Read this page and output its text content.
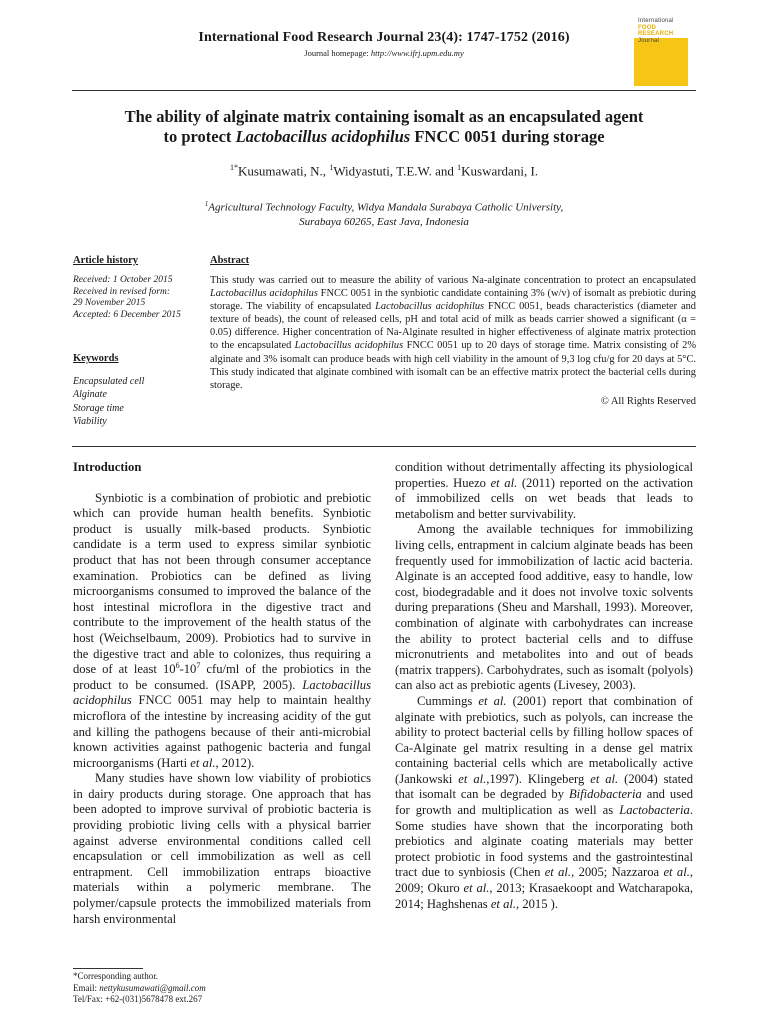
International Food Research Journal 23(4): 1747-1752 (2016)
Journal homepage: http://www.ifrj.upm.edu.my
International
FOOD RESEARCH
Journal
The ability of alginate matrix containing isomalt as an encapsulated agent
to protect Lactobacillus acidophilus FNCC 0051 during storage
$^{1*}$Kusumawati, N., $^1$Widyastuti, T.E.W. and $^1$Kuswardani, I.
$^1$Agricultural Technology Faculty, Widya Mandala Surabaya Catholic University,
Surabaya 60265, East Java, Indonesia
Article history
Received: 1 October 2015
Received in revised form:
29 November 2015
Accepted: 6 December 2015
Keywords
Encapsulated cell
Alginate
Storage time
Viability
Abstract
This study was carried out to measure the ability of various Na-alginate concentration to protect an encapsulated Lactobacillus acidophilus FNCC 0051 in the synbiotic candidate containing 3% (w/v) of isomalt as prebiotic during storage. The viability of encapsulated Lactobacillus acidophilus FNCC 0051, beads characteristics (diameter and texture of beads), the count of released cells, pH and total acid of milk as beads carrier showed a significant (α = 0.05) difference. Higher concentration of Na-Alginate resulted in higher effectiveness of alginate matrix protection to the encapsulated Lactobacillus acidophilus FNCC 0051 up to 20 days of storage time. Matrix consisting of 2% alginate and 3% isomalt can produce beads with high cell viability in the amount of 9,3 log cfu/g for 20 days at 5°C. This study indicated that alginate combined with isomalt can be an effective matrix protect the bacterial cells during storage.
© All Rights Reserved
Introduction

Synbiotic is a combination of probiotic and prebiotic which can provide human health benefits. Synbiotic product is usually milk-based products. Synbiotic candidate is a term used to express similar synbiotic product that has not been through consumer acceptance examination. Probiotics can be defined as living microorganisms consumed to improved the balance of the host intestinal microflora in the digestive tract and contribute to the improvement of the health status of the host (Weichselbaum, 2009). Probiotics had to survive in the digestive tract and able to colonizes, thus requiring a dose of at least $10^6-10^7$ cfu/ml of the probiotics in the product to be consumed. (ISAPP, 2005). Lactobacillus acidophilus FNCC 0051 may help to maintain healthy microflora of the intestine by increasing acidity of the gut and killing the pathogens because of their anti-microbial known activities against pathogenic bacteria and fungal microorganisms (Harti et al., 2012).

Many studies have shown low viability of probiotics in dairy products during storage. One approach that has been adopted to improve survival of probiotic bacteria is providing probiotic living cells with a physical barrier against adverse environmental conditions called cell encapsulation or cell immobilization as well as cell entrapment. Cell immobilization entraps bioactive materials within a polymeric membrane. The polymer/capsule protects the immobilized materials from harsh environmental

condition without detrimentally affecting its physiological properties. Huezo et al. (2011) reported on the activation of immobilized cells on wet beads that leads to metabolism and better survivability.

Among the available techniques for immobilizing living cells, entrapment in calcium alginate beads has been frequently used for immobilization of lactic acid bacteria. Alginate is an accepted food additive, easy to handle, low cost, biodegradable and it does not involve toxic solvents during preparations (Sheu and Marshall, 1993). Moreover, combination of alginate with carbohydrates can increase the ability to protect bacterial cells and to diffuse micronutrients and metabolites into and out of beads (matrix trappers). Carbohydrates, such as isomalt (polyols) can also act as prebiotic agents (Livesey, 2003).

Cummings et al. (2001) report that combination of alginate with prebiotics, such as polyols, can increase the ability to protect bacterial cells by filling hollow spaces of Ca-Alginate gel matrix resulting in a dense gel matrix containing bacterial cells which are metabolically active (Jankowski et al.,1997). Klingeberg et al. (2004) stated that isomalt can be degraded by Bifidobacteria and used for growth and multiplication as well as Lactobacteria. Some studies have shown that the incorporating both prebiotics and alginate coating materials may better protect probiotic in food systems and the gastrointestinal tract due to synbiosis (Chen et al., 2005; Nazzaroa et al., 2009; Okuro et al., 2013; Krasaekoopt and Watcharapoka, 2014; Haghshenas et al., 2015 ).

*Corresponding author.
Email: nettykusumawati@gmail.com
Tel/Fax: +62-(031)5678478 ext.267
